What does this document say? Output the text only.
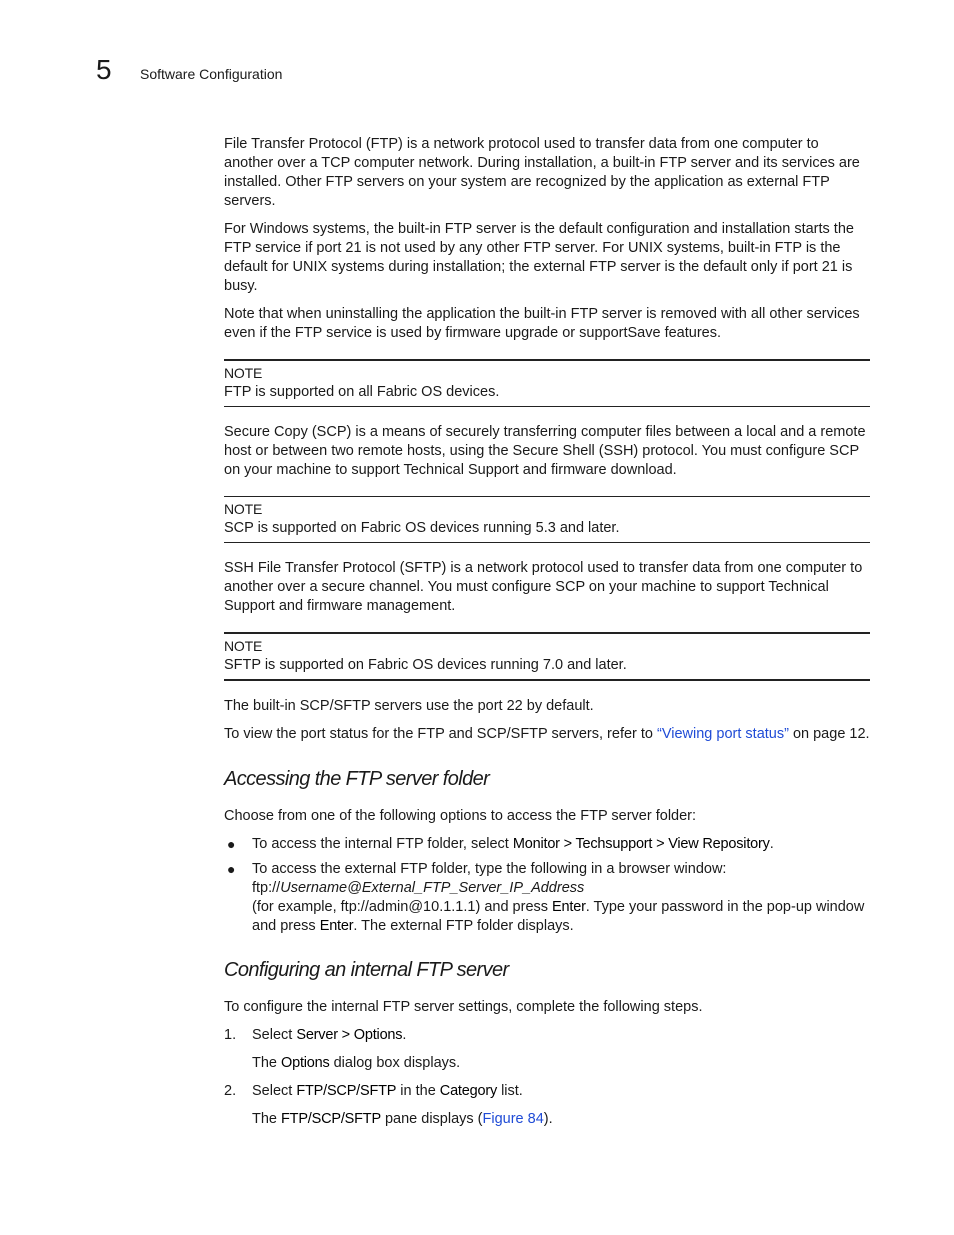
5 Software Configuration

File Transfer Protocol (FTP) is a network protocol used to transfer data from one computer to another over a TCP computer network. During installation, a built-in FTP server and its services are installed. Other FTP servers on your system are recognized by the application as external FTP servers.

For Windows systems, the built-in FTP server is the default configuration and installation starts the FTP service if port 21 is not used by any other FTP server. For UNIX systems, built-in FTP is the default for UNIX systems during installation; the external FTP server is the default only if port 21 is busy.

Note that when uninstalling the application the built-in FTP server is removed with all other services even if the FTP service is used by firmware upgrade or supportSave features.

NOTE
FTP is supported on all Fabric OS devices.

Secure Copy (SCP) is a means of securely transferring computer files between a local and a remote host or between two remote hosts, using the Secure Shell (SSH) protocol. You must configure SCP on your machine to support Technical Support and firmware download.

NOTE
SCP is supported on Fabric OS devices running 5.3 and later.

SSH File Transfer Protocol (SFTP) is a network protocol used to transfer data from one computer to another over a secure channel. You must configure SCP on your machine to support Technical Support and firmware management.

NOTE
SFTP is supported on Fabric OS devices running 7.0 and later.

The built-in SCP/SFTP servers use the port 22 by default.

To view the port status for the FTP and SCP/SFTP servers, refer to “Viewing port status” on page 12.

Accessing the FTP server folder

Choose from one of the following options to access the FTP server folder:

● To access the internal FTP folder, select Monitor > Techsupport > View Repository.
● To access the external FTP folder, type the following in a browser window:
ftp://Username@External_FTP_Server_IP_Address
(for example, ftp://admin@10.1.1.1) and press Enter. Type your password in the pop-up window and press Enter. The external FTP folder displays.
Configuring an internal FTP server

To configure the internal FTP server settings, complete the following steps.

1. Select Server > Options.
The Options dialog box displays.
2. Select FTP/SCP/SFTP in the Category list.
The FTP/SCP/SFTP pane displays (Figure 84).
